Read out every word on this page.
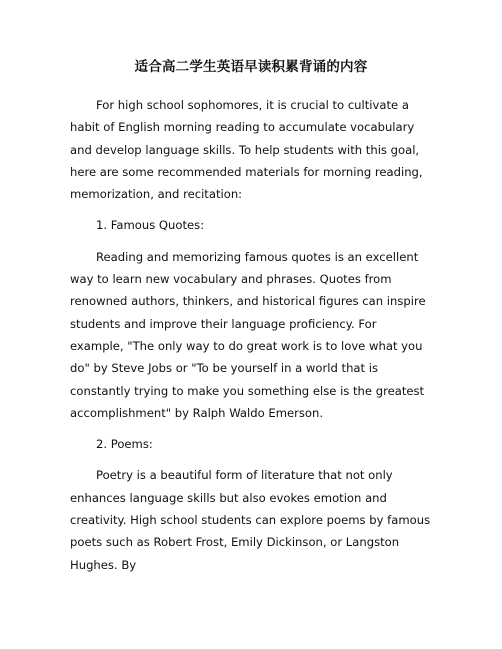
适合高二学生英语早读积累背诵的内容

For high school sophomores, it is crucial to cultivate a habit of English morning reading to accumulate vocabulary and develop language skills. To help students with this goal, here are some recommended materials for morning reading, memorization, and recitation:

1. Famous Quotes:

Reading and memorizing famous quotes is an excellent way to learn new vocabulary and phrases. Quotes from renowned authors, thinkers, and historical figures can inspire students and improve their language proficiency. For example, "The only way to do great work is to love what you do" by Steve Jobs or "To be yourself in a world that is constantly trying to make you something else is the greatest accomplishment" by Ralph Waldo Emerson.

2. Poems:

Poetry is a beautiful form of literature that not only enhances language skills but also evokes emotion and creativity. High school students can explore poems by famous poets such as Robert Frost, Emily Dickinson, or Langston Hughes. By
